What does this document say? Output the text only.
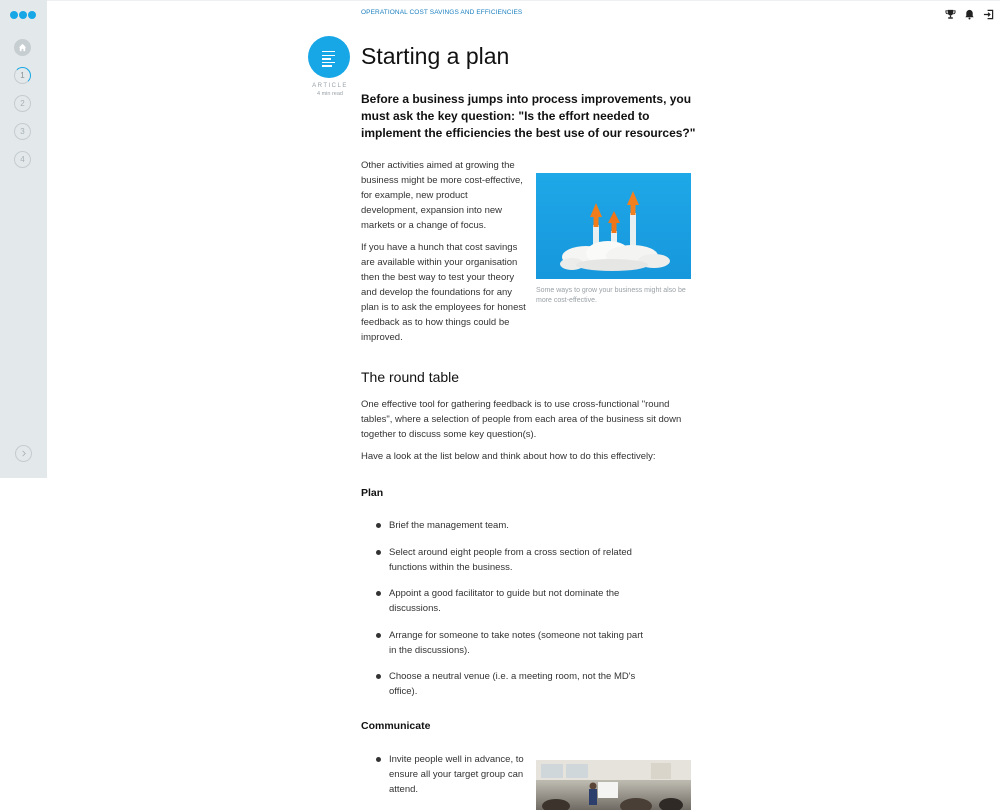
1
2
3
4
OPERATIONAL COST SAVINGS AND EFFICIENCIES
ARTICLE
4 min read
Starting a plan

Before a business jumps into process improvements, you must ask the key question: "Is the effort needed to implement the efficiencies the best use of our resources?"

Other activities aimed at growing the business might be more cost-effective, for example, new product development, expansion into new markets or a change of focus.

If you have a hunch that cost savings are available within your organisation then the best way to test your theory and develop the foundations for any plan is to ask the employees for honest feedback as to how things could be improved.

Some ways to grow your business might also be more cost-effective.
The round table

One effective tool for gathering feedback is to use cross-functional "round tables", where a selection of people from each area of the business sit down together to discuss some key question(s).

Have a look at the list below and think about how to do this effectively:

Plan
Brief the management team.
Select around eight people from a cross section of related functions within the business.
Appoint a good facilitator to guide but not dominate the discussions.
Arrange for someone to take notes (someone not taking part in the discussions).
Choose a neutral venue (i.e. a meeting room, not the MD's office).
Communicate
Invite people well in advance, to ensure all your target group can attend.
